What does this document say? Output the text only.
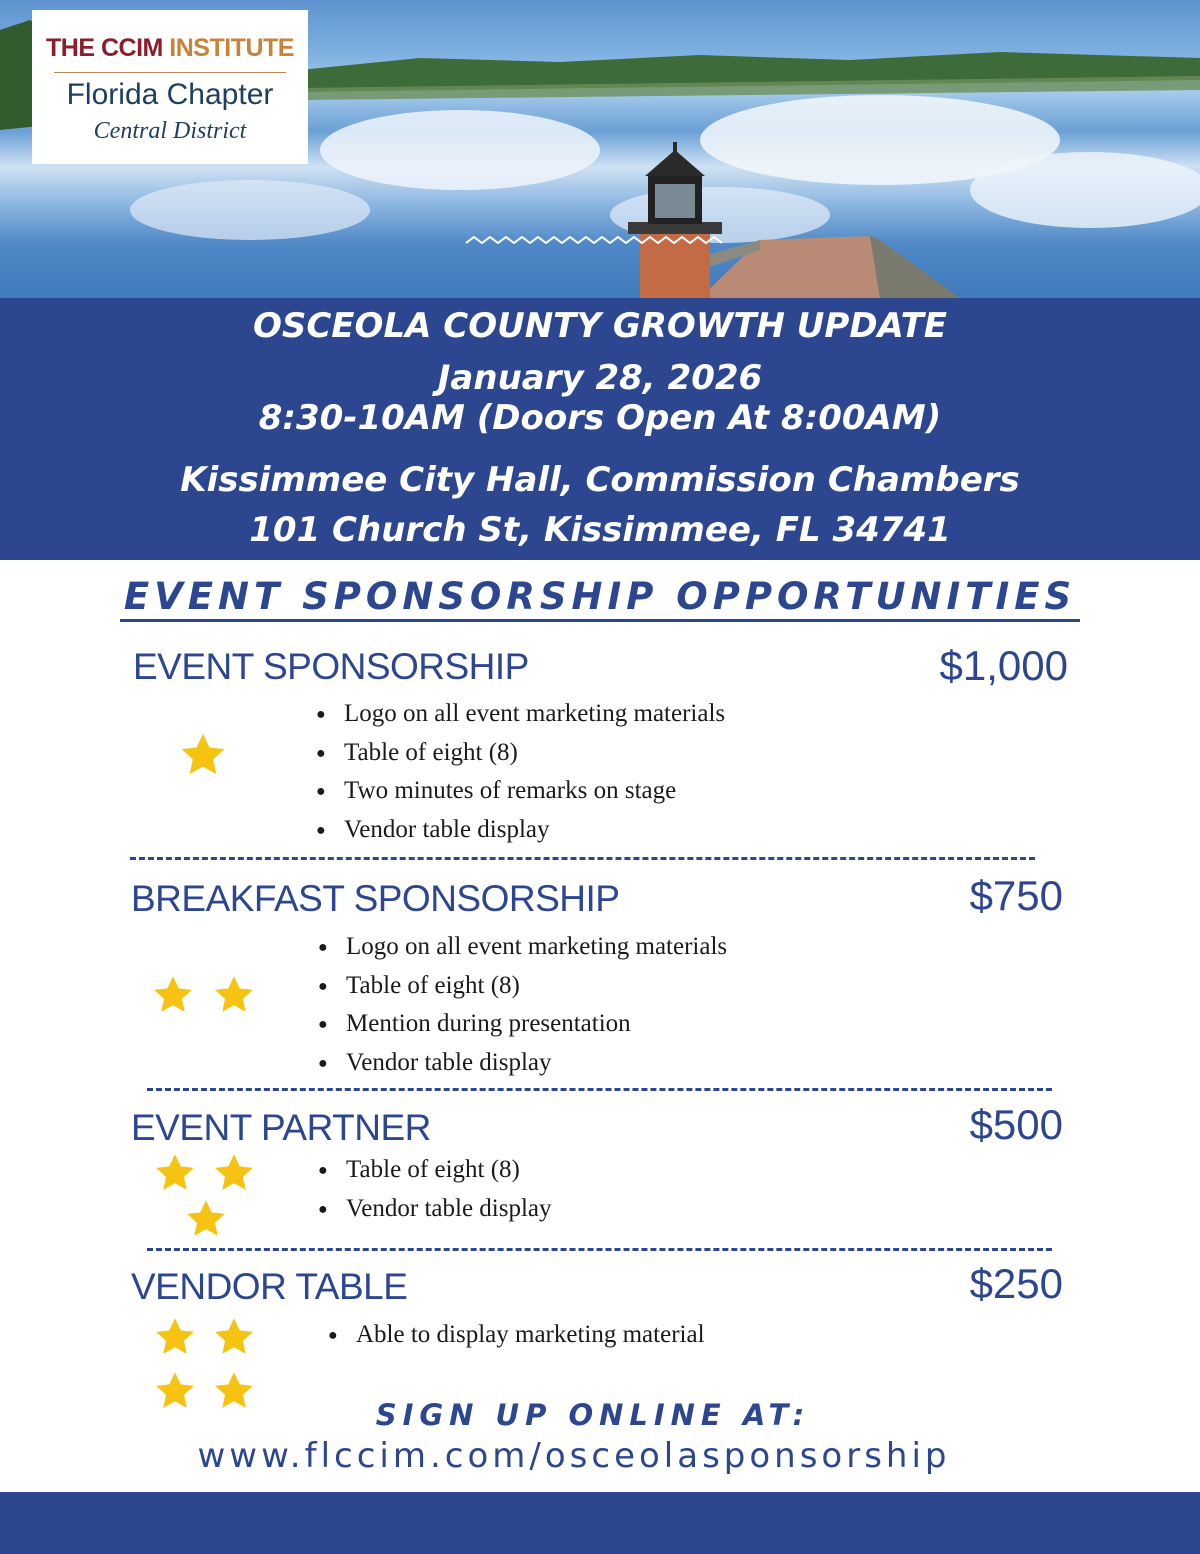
THE CCIM INSTITUTE
Florida Chapter
Central District
OSCEOLA COUNTY GROWTH UPDATE
January 28, 2026
8:30-10AM (Doors Open At 8:00AM)
Kissimmee City Hall, Commission Chambers
101 Church St, Kissimmee, FL 34741
EVENT SPONSORSHIP OPPORTUNITIES
EVENT SPONSORSHIP	$1,000
● Logo on all event marketing materials
● Table of eight (8)
● Two minutes of remarks on stage
● Vendor table display
BREAKFAST SPONSORSHIP	$750
● Logo on all event marketing materials
● Table of eight (8)
● Mention during presentation
● Vendor table display
EVENT PARTNER	$500
● Table of eight (8)
● Vendor table display
VENDOR TABLE	$250
● Able to display marketing material
SIGN UP ONLINE AT:
www.flccim.com/osceolasponsorship
